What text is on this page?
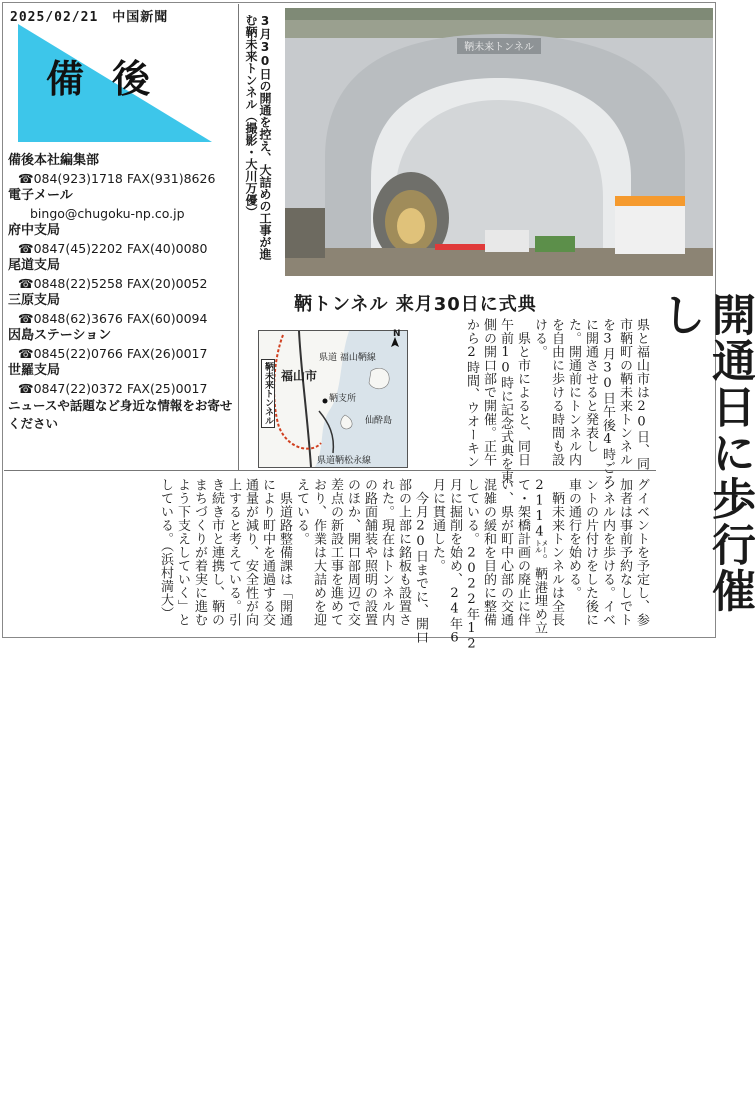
2025/02/21　中国新聞
備後
備後本社編集部
☎084(923)1718 FAX(931)8626
電子メール
bingo@chugoku-np.co.jp
府中支局
☎0847(45)2202 FAX(40)0080
尾道支局
☎0848(22)5258 FAX(20)0052
三原支局
☎0848(62)3676 FAX(60)0094
因島ステーション
☎0845(22)0766 FAX(26)0017
世羅支局
☎0847(22)0372 FAX(25)0017
ニュースや話題など身近な情報をお寄せください
3月30日の開通を控え、大詰めの工事が進む鞆未来トンネル（撮影・大川万優）	鞆未来トンネル
鞆トンネル 来月30日に式典
県道 福山鞆線
福山市
鞆支所
仙酔島
県道鞆松永線
N
鞆未来トンネル	開通日に歩行催し
県と福山市は20日、同
市鞆町の鞆未来トンネル
を3月30日午後4時ごろ
に開通させると発表し
た。開通前にトンネル内
を自由に歩ける時間も設
ける。
　県と市によると、同日
午前10時に記念式典を東
側の開口部で開催。正午
から2時間、ウオーキン
グイベントを予定し、参
加者は事前予約なしでト
ンネル内を歩ける。イベ
ントの片付けをした後に
車の通行を始める。
　鞆未来トンネルは全長
2114㍍。鞆港埋め立
て・架橋計画の廃止に伴
い、県が町中心部の交通
混雑の緩和を目的に整備
している。2022年12
月に掘削を始め、24年6
月に貫通した。
　今月20日までに、開口
部の上部に銘板も設置さ
れた。現在はトンネル内
の路面舗装や照明の設置
のほか、開口部周辺で交
差点の新設工事を進めて
おり、作業は大詰めを迎
えている。
　県道路整備課は「開通
により町中を通過する交
通量が減り、安全性が向
上すると考えている。引
き続き市と連携し、鞆の
まちづくりが着実に進む
よう下支えしていく」と
している。（浜村満大）
